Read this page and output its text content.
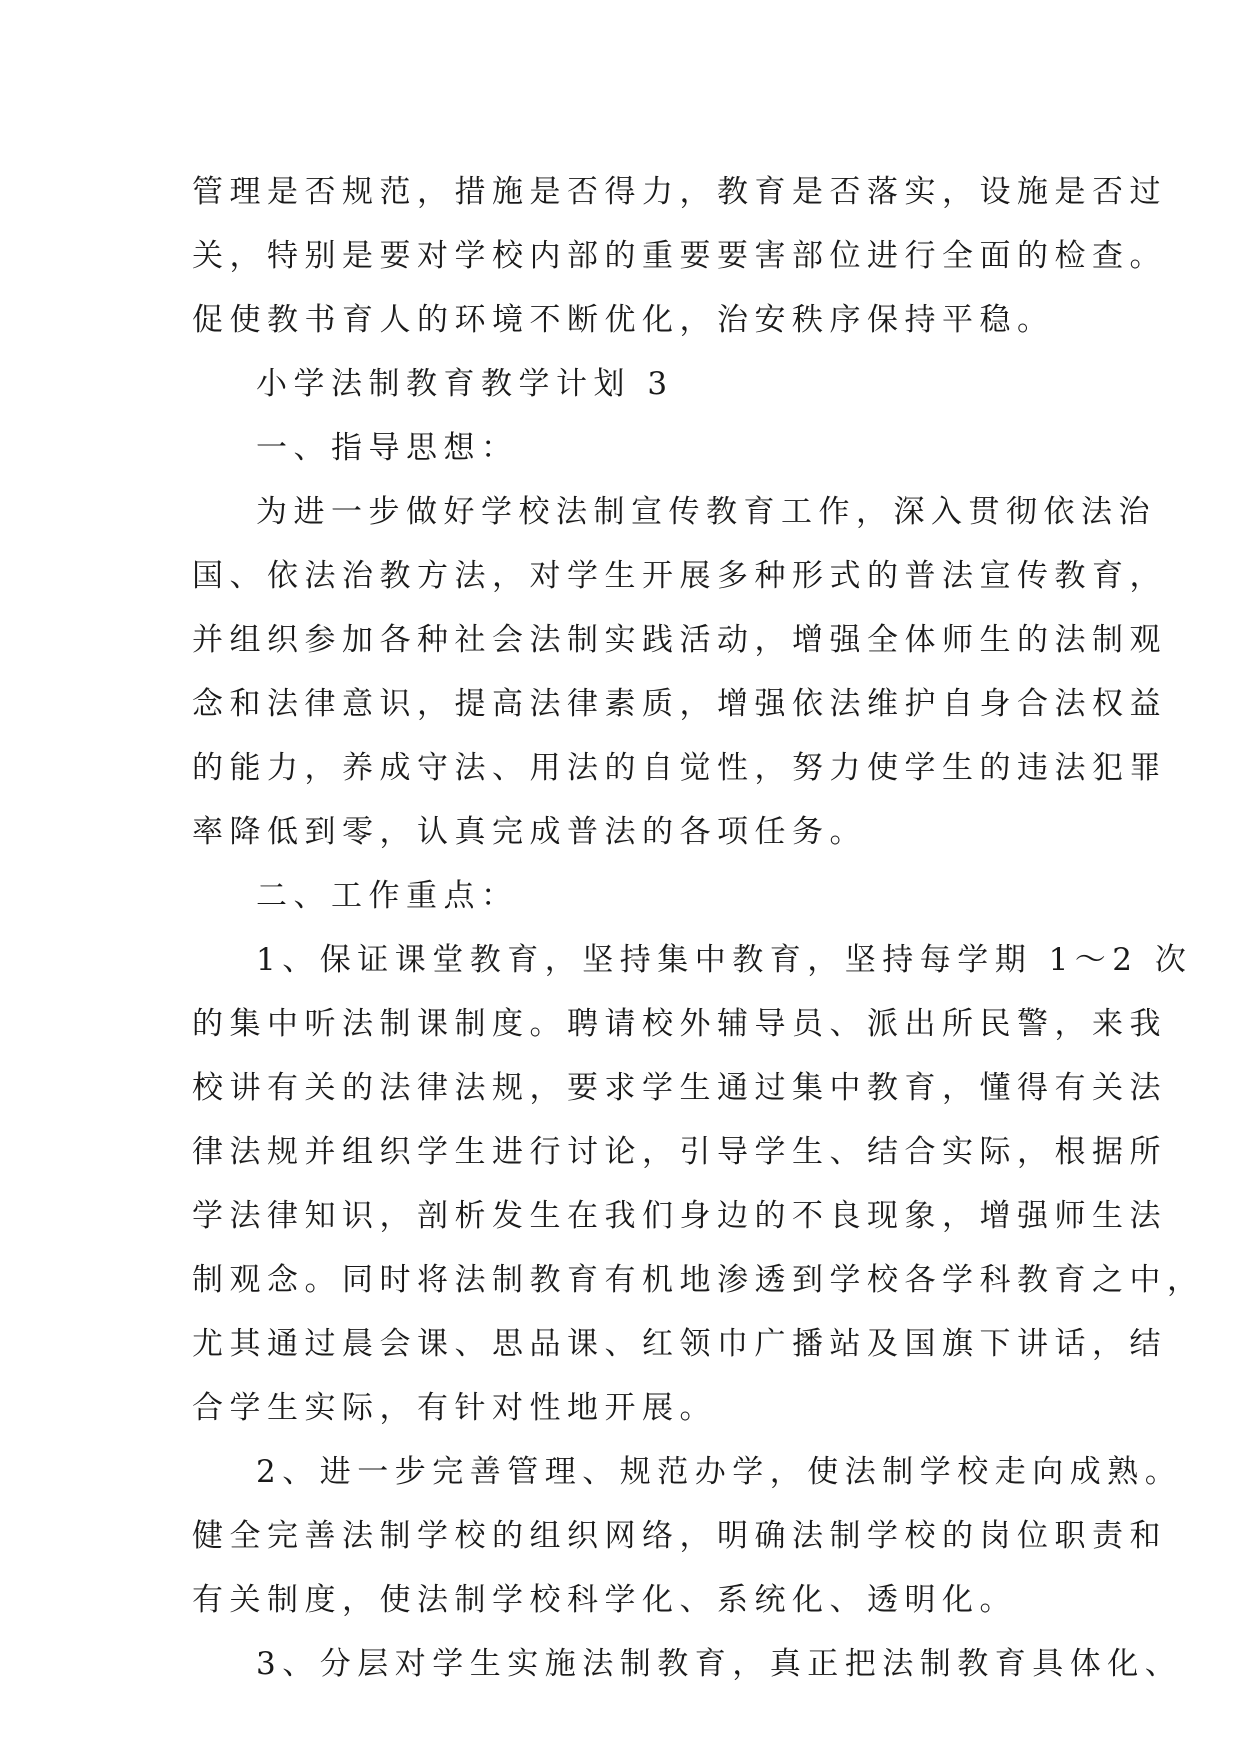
管理是否规范，措施是否得力，教育是否落实，设施是否过
关，特别是要对学校内部的重要要害部位进行全面的检查。
促使教书育人的环境不断优化，治安秩序保持平稳。
小学法制教育教学计划 3
一、指导思想：
为进一步做好学校法制宣传教育工作，深入贯彻依法治
国、依法治教方法，对学生开展多种形式的普法宣传教育，
并组织参加各种社会法制实践活动，增强全体师生的法制观
念和法律意识，提高法律素质，增强依法维护自身合法权益
的能力，养成守法、用法的自觉性，努力使学生的违法犯罪
率降低到零，认真完成普法的各项任务。
二、工作重点：
1、保证课堂教育，坚持集中教育，坚持每学期 1～2 次
的集中听法制课制度。聘请校外辅导员、派出所民警，来我
校讲有关的法律法规，要求学生通过集中教育，懂得有关法
律法规并组织学生进行讨论，引导学生、结合实际，根据所
学法律知识，剖析发生在我们身边的不良现象，增强师生法
制观念。同时将法制教育有机地渗透到学校各学科教育之中，
尤其通过晨会课、思品课、红领巾广播站及国旗下讲话，结
合学生实际，有针对性地开展。
2、进一步完善管理、规范办学，使法制学校走向成熟。
健全完善法制学校的组织网络，明确法制学校的岗位职责和
有关制度，使法制学校科学化、系统化、透明化。
3、分层对学生实施法制教育，真正把法制教育具体化、
